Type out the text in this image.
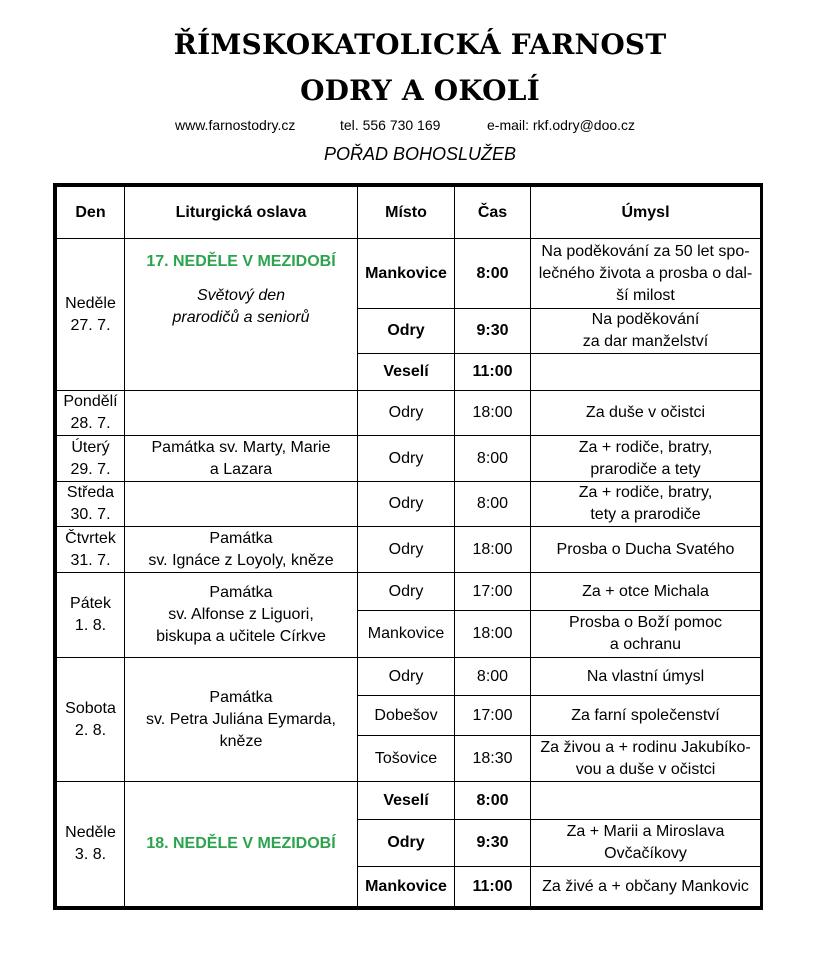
ŘÍMSKOKATOLICKÁ FARNOST
ODRY A OKOLÍ
www.farnostodry.cz	tel. 556 730 169	e-mail: rkf.odry@doo.cz
POŘAD BOHOSLUŽEB
Den	Liturgická oslava	Místo	Čas	Úmysl

Neděle
27. 7.	17. NEDĚLE V MEZIDOBÍ
Světový den
prarodičů a seniorů	Mankovice	8:00	Na poděkování za 50 let spo-
lečného života a prosba o dal-
ší milost

		Odry	9:30	Na poděkování
za dar manželství

		Veselí	11:00	

Pondělí
28. 7.		Odry	18:00	Za duše v očistci

Úterý
29. 7.	Památka sv. Marty, Marie
a Lazara	Odry	8:00	Za + rodiče, bratry,
prarodiče a tety

Středa
30. 7.		Odry	8:00	Za + rodiče, bratry,
tety a prarodiče

Čtvrtek
31. 7.	Památka
sv. Ignáce z Loyoly, kněze	Odry	18:00	Prosba o Ducha Svatého

Pátek
1. 8.	Památka
sv. Alfonse z Liguori,
biskupa a učitele Církve	Odry	17:00	Za + otce Michala
		Mankovice	18:00	Prosba o Boží pomoc
a ochranu

Sobota
2. 8.	Památka
sv. Petra Juliána Eymarda,
kněze	Odry	8:00	Na vlastní úmysl
		Dobešov	17:00	Za farní společenství
		Tošovice	18:30	Za živou a + rodinu Jakubíko-
vou a duše v očistci

Neděle
3. 8.	18. NEDĚLE V MEZIDOBÍ	Veselí	8:00	
		Odry	9:30	Za + Marii a Miroslava
Ovčačíkovy

		Mankovice	11:00	Za živé a + občany Mankovic
